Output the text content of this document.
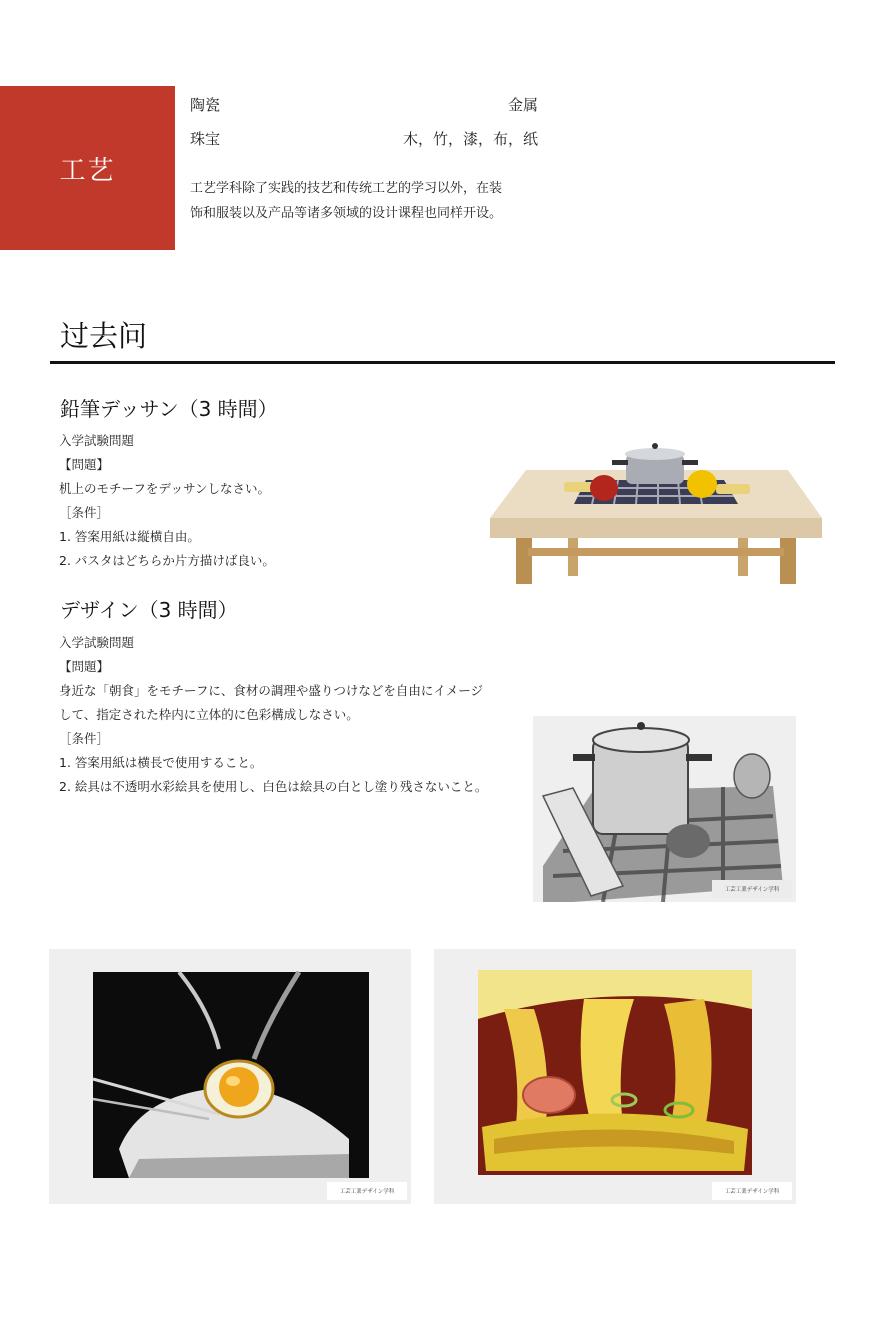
工艺
陶瓷	金属
珠宝	木，竹，漆，布，纸
工艺学科除了实践的技艺和传统工艺的学习以外，在装
饰和服装以及产品等诸多领域的设计课程也同样开设。
过去问
鉛筆デッサン（3 時間）
入学試験問題
【問題】
机上のモチーフをデッサンしなさい。
［条件］
1. 答案用紙は縦横自由。
2. パスタはどちらか片方描けば良い。
デザイン（3 時間）
入学試験問題
【問題】
身近な「朝食」をモチーフに、食材の調理や盛りつけなどを自由にイメージ
して、指定された枠内に立体的に色彩構成しなさい。
［条件］
1. 答案用紙は横長で使用すること。
2. 絵具は不透明水彩絵具を使用し、白色は絵具の白とし塗り残さないこと。
工芸工業デザイン学科
工芸工業デザイン学科	工芸工業デザイン学科
